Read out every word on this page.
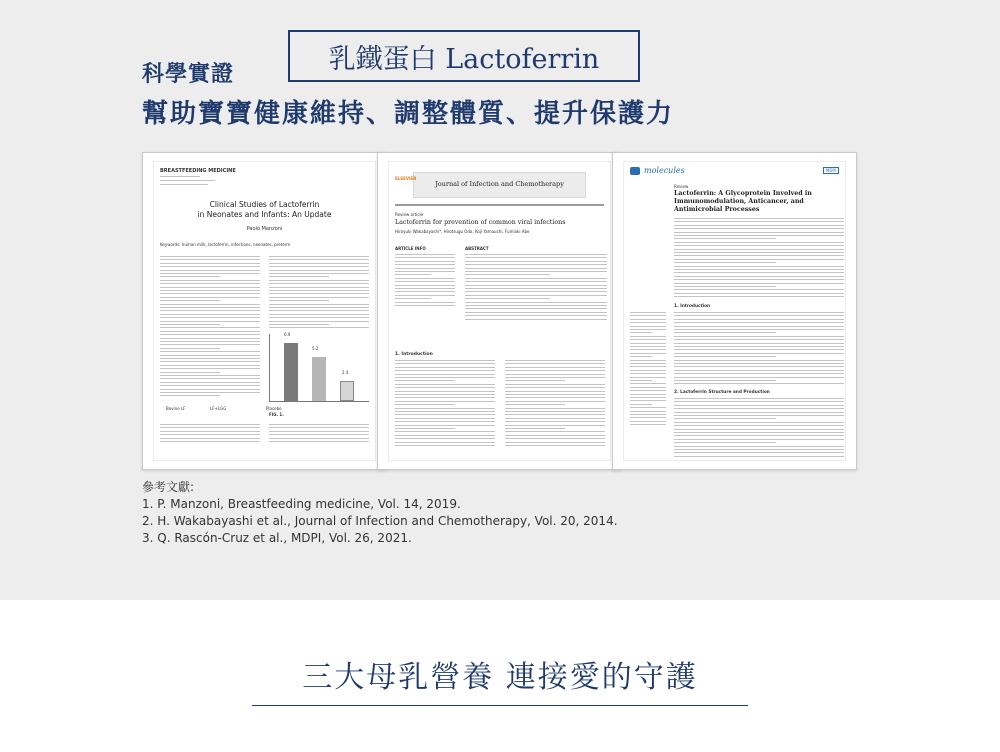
科學實證	乳鐵蛋白 Lactoferrin
幫助寶寶健康維持、調整體質、提升保護力
BREASTFEEDING MEDICINE
Clinical Studies of Lactoferrin
in Neonates and Infants: An Update
Paolo Manzoni
Keywords: human milk, lactoferrin, infections, neonates, preterm
6.9
5.2
2.4
Bovine LF	LF+LGG	Placebo
FIG. 1.
Journal of Infection and Chemotherapy
ELSEVIER
Review article
Lactoferrin for prevention of common viral infections
Hiroyuki Wakabayashi*, Hirotsugu Oda, Koji Yamauchi, Fumiaki Abe
ARTICLE INFO	ABSTRACT
1. Introduction
molecules	MDPI
Review
Lactoferrin: A Glycoprotein Involved in Immunomodulation, Anticancer, and Antimicrobial Processes
1. Introduction
2. Lactoferrin Structure and Production
參考文獻:
1. P. Manzoni, Breastfeeding medicine, Vol. 14, 2019.
2. H. Wakabayashi et al., Journal of Infection and Chemotherapy, Vol. 20, 2014.
3. Q. Rascón-Cruz et al., MDPI, Vol. 26, 2021.
三大母乳營養 連接愛的守護
